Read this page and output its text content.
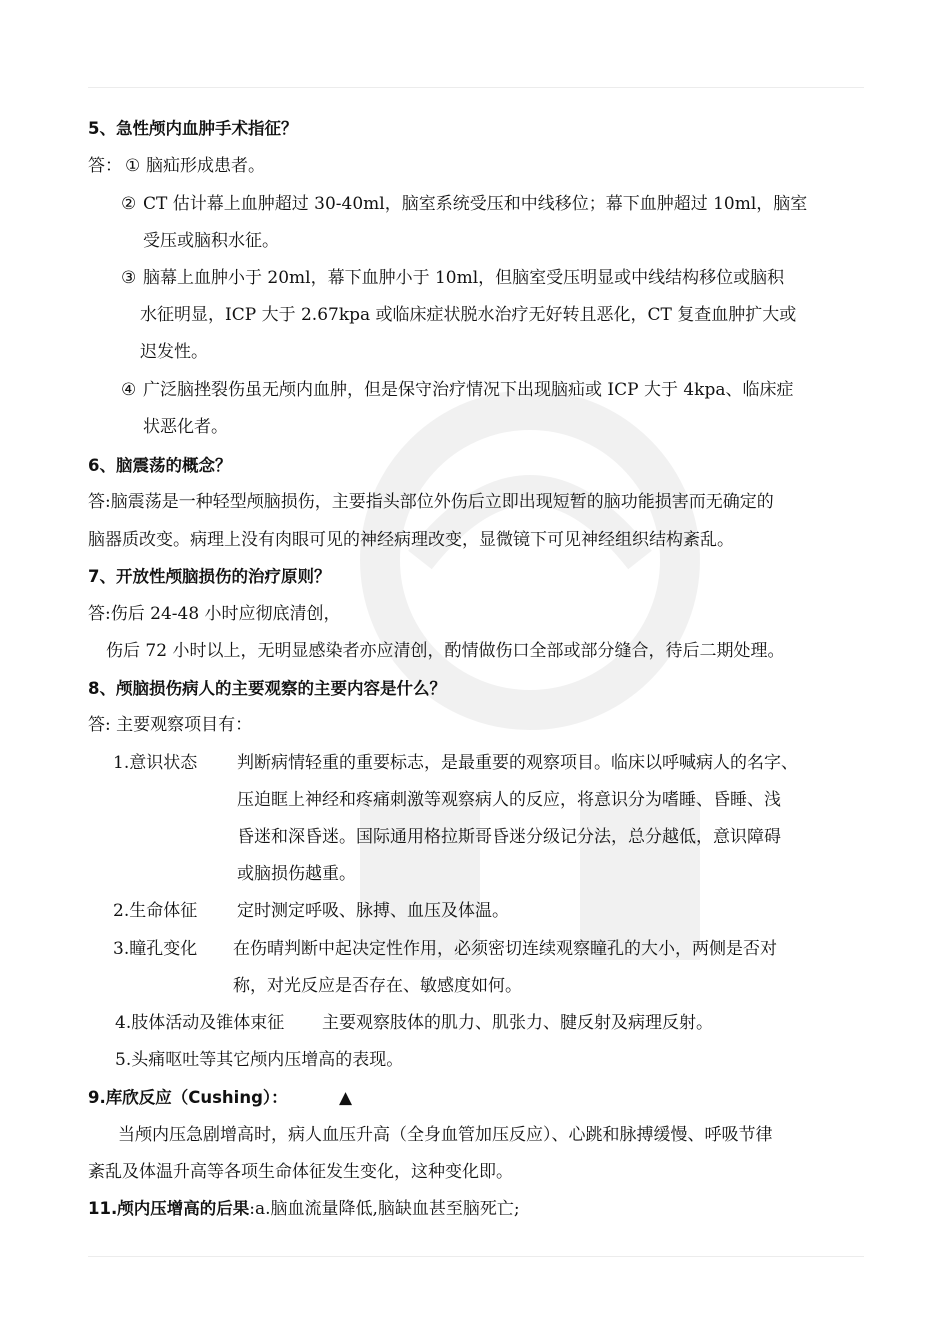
5、急性颅内血肿手术指征？
答： ① 脑疝形成患者。
② CT 估计幕上血肿超过 30-40ml，脑室系统受压和中线移位；幕下血肿超过 10ml，脑室
受压或脑积水征。
③ 脑幕上血肿小于 20ml，幕下血肿小于 10ml，但脑室受压明显或中线结构移位或脑积
水征明显，ICP 大于 2.67kpa 或临床症状脱水治疗无好转且恶化，CT 复查血肿扩大或
迟发性。
④ 广泛脑挫裂伤虽无颅内血肿，但是保守治疗情况下出现脑疝或 ICP 大于 4kpa、临床症
状恶化者。
6、脑震荡的概念？
答:脑震荡是一种轻型颅脑损伤，主要指头部位外伤后立即出现短暂的脑功能损害而无确定的
脑器质改变。病理上没有肉眼可见的神经病理改变，显微镜下可见神经组织结构紊乱。
7、开放性颅脑损伤的治疗原则？
答:伤后 24-48 小时应彻底清创，
伤后 72 小时以上，无明显感染者亦应清创，酌情做伤口全部或部分缝合，待后二期处理。
8、颅脑损伤病人的主要观察的主要内容是什么？
答: 主要观察项目有：
1.意识状态 判断病情轻重的重要标志，是最重要的观察项目。临床以呼喊病人的名字、
压迫眶上神经和疼痛刺激等观察病人的反应，将意识分为嗜睡、昏睡、浅
昏迷和深昏迷。国际通用格拉斯哥昏迷分级记分法，总分越低，意识障碍
或脑损伤越重。
2.生命体征 定时测定呼吸、脉搏、血压及体温。
3.瞳孔变化 在伤晴判断中起决定性作用，必须密切连续观察瞳孔的大小，两侧是否对
称，对光反应是否存在、敏感度如何。
4.肢体活动及锥体束征 主要观察肢体的肌力、肌张力、腱反射及病理反射。
5.头痛呕吐等其它颅内压增高的表现。
9.库欣反应（Cushing）：	▲
当颅内压急剧增高时，病人血压升高（全身血管加压反应）、心跳和脉搏缓慢、呼吸节律
紊乱及体温升高等各项生命体征发生变化，这种变化即。
11.颅内压增高的后果:a.脑血流量降低,脑缺血甚至脑死亡;
